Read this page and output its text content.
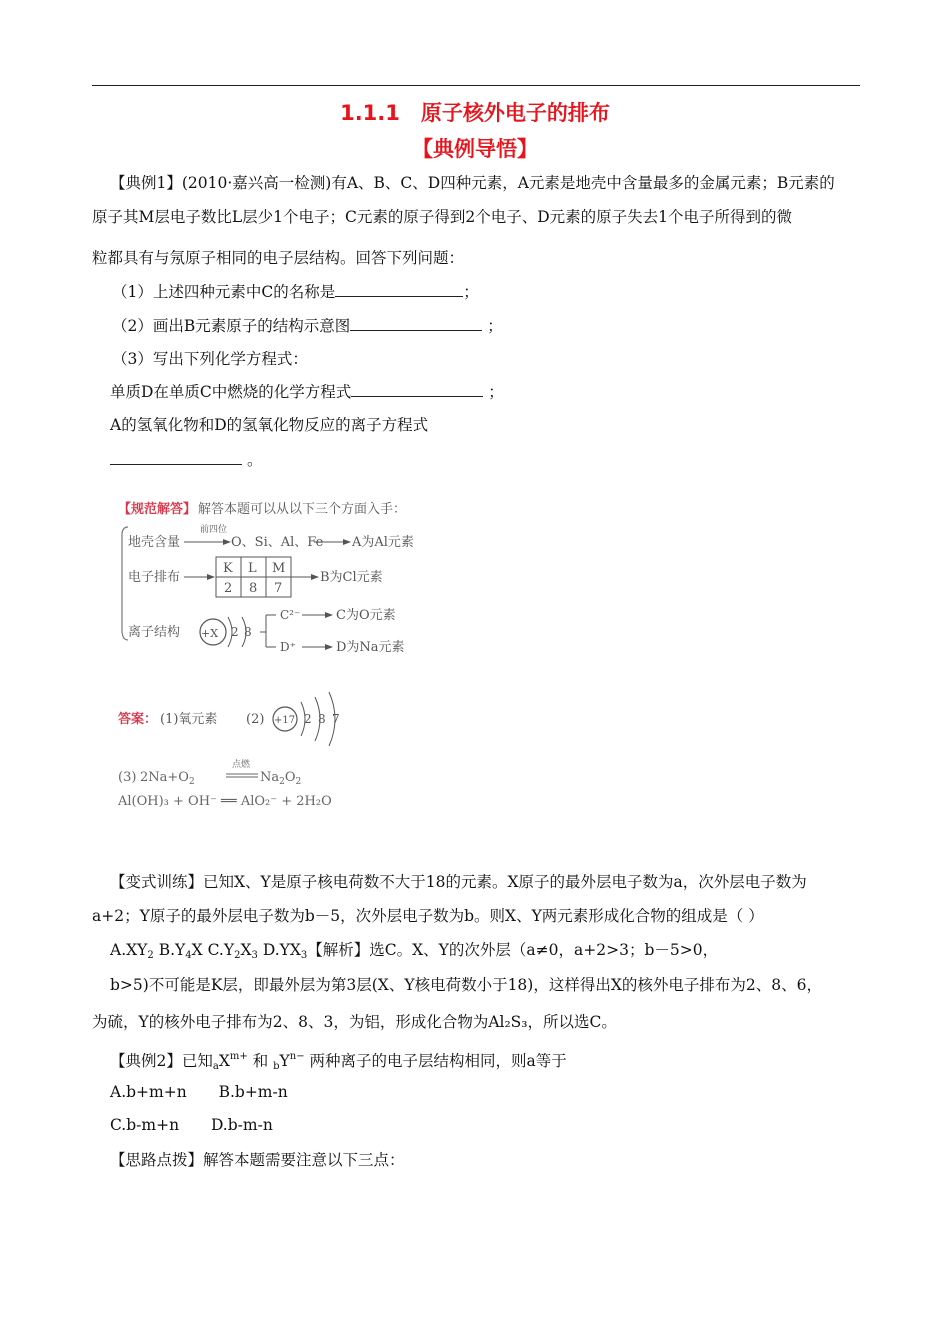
1.1.1　原子核外电子的排布
【典例导悟】
【典例1】(2010·嘉兴高一检测)有A、B、C、D四种元素，A元素是地壳中含量最多的金属元素；B元素的
原子其M层电子数比L层少1个电子；C元素的原子得到2个电子、D元素的原子失去1个电子所得到的微
粒都具有与氖原子相同的电子层结构。回答下列问题：
（1）上述四种元素中C的名称是	；
（2）画出B元素原子的结构示意图	；
（3）写出下列化学方程式：
单质D在单质C中燃烧的化学方程式	；
A的氢氧化物和D的氢氧化物反应的离子方程式
。
【规范解答】 解答本题可以从以下三个方面入手：
地壳含量
前四位
O、Si、Al、Fe A为Al元素
电子排布
K L M
2 8 7
B为Cl元素
离子结构 +X 2 8
C²⁻	C为O元素
D⁺	D为Na元素
答案： (1)氧元素 (2) +17 2 8 7
(3) $2Na+O_2$
点燃
$Na_2O_2$
Al(OH)₃ + OH⁻ ══ AlO₂⁻ + 2H₂O
【变式训练】已知X、Y是原子核电荷数不大于18的元素。X原子的最外层电子数为a，次外层电子数为
a+2；Y原子的最外层电子数为b－5，次外层电子数为b。则X、Y两元素形成化合物的组成是（ ）
$A.XY_2$ $B.Y_4X$ $C.Y_2X_3$ $D.YX_3$【解析】选C。X、Y的次外层（a≠0，a+2>3；b－5>0，
b>5)不可能是K层，即最外层为第3层(X、Y核电荷数小于18)，这样得出X的核外电子排布为2、8、6，
为硫，Y的核外电子排布为2、8、3，为铝，形成化合物为Al₂S₃，所以选C。
【典例2】已知$_aX^{m+}$ 和 $_bY^{n-}$ 两种离子的电子层结构相同，则a等于
A.b+m+n B.b+m-n
C.b-m+n D.b-m-n
【思路点拨】解答本题需要注意以下三点：
